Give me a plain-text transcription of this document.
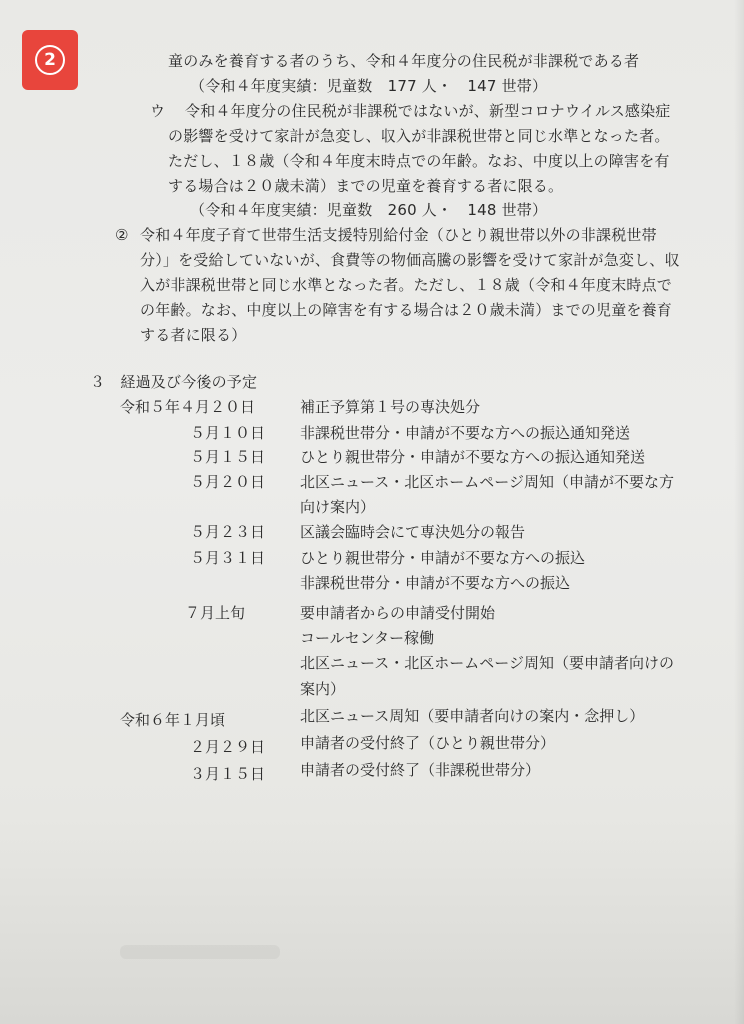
2	童のみを養育する者のうち、令和４年度分の住民税が非課税である者
（令和４年度実績：児童数　177 人・　147 世帯）
ウ 令和４年度分の住民税が非課税ではないが、新型コロナウイルス感染症
の影響を受けて家計が急変し、収入が非課税世帯と同じ水準となった者。
ただし、１８歳（令和４年度末時点での年齢。なお、中度以上の障害を有
する場合は２０歳未満）までの児童を養育する者に限る。
（令和４年度実績：児童数　260 人・　148 世帯）
② 令和４年度子育て世帯生活支援特別給付金（ひとり親世帯以外の非課税世帯
分）」を受給していないが、食費等の物価高騰の影響を受けて家計が急変し、収
入が非課税世帯と同じ水準となった者。ただし、１８歳（令和４年度末時点で
の年齢。なお、中度以上の障害を有する場合は２０歳未満）までの児童を養育
する者に限る）
３　経過及び今後の予定
令和５年４月２０日	補正予算第１号の専決処分
５月１０日 非課税世帯分・申請が不要な方への振込通知発送
５月１５日 ひとり親世帯分・申請が不要な方への振込通知発送
５月２０日 北区ニュース・北区ホームページ周知（申請が不要な方
向け案内）
５月２３日 区議会臨時会にて専決処分の報告
５月３１日 ひとり親世帯分・申請が不要な方への振込
非課税世帯分・申請が不要な方への振込
７月上旬	要申請者からの申請受付開始
コールセンター稼働
北区ニュース・北区ホームページ周知（要申請者向けの
案内）
令和６年１月頃	北区ニュース周知（要申請者向けの案内・念押し）
２月２９日 申請者の受付終了（ひとり親世帯分）
３月１５日 申請者の受付終了（非課税世帯分）
